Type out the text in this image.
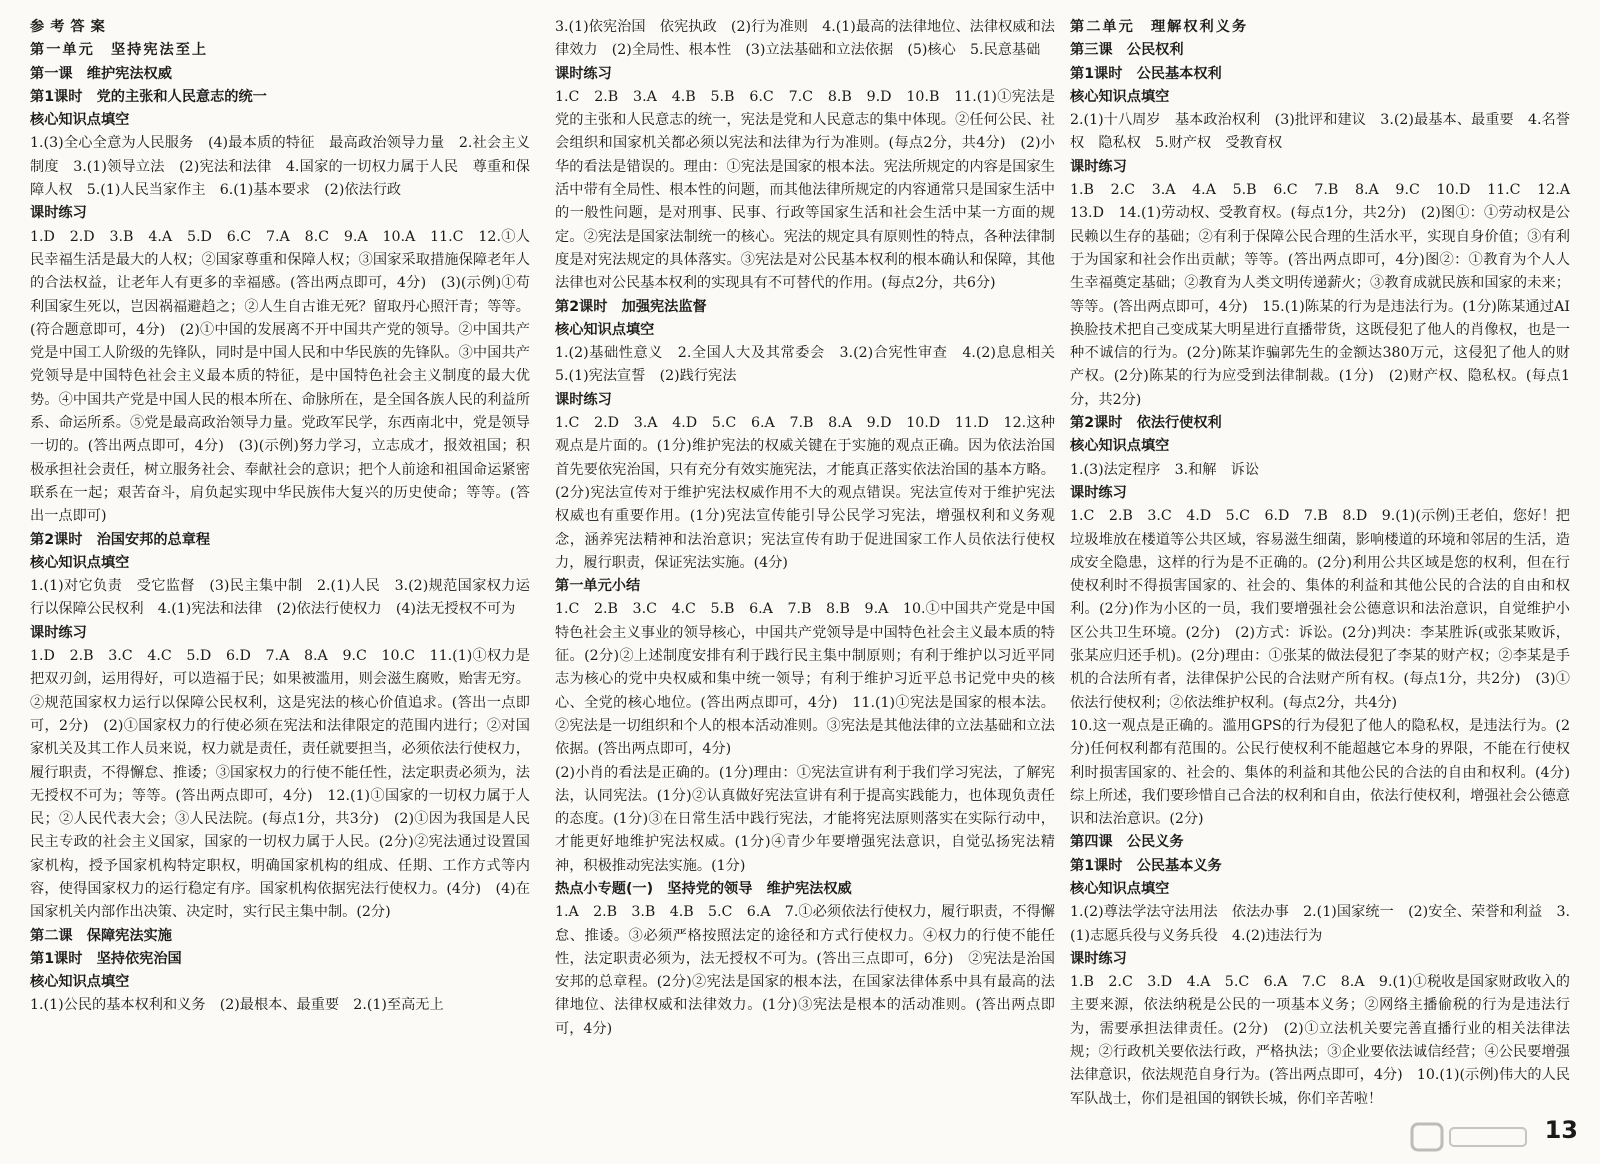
参考答案

第一单元　坚持宪法至上

第一课　维护宪法权威

第1课时　党的主张和人民意志的统一

核心知识点填空

1.(3)全心全意为人民服务　(4)最本质的特征　最高政治领导力量　2.社会主义制度　3.(1)领导立法　(2)宪法和法律　4.国家的一切权力属于人民　尊重和保障人权　5.(1)人民当家作主　6.(1)基本要求　(2)依法行政

课时练习

1.D　2.D　3.B　4.A　5.D　6.C　7.A　8.C　9.A　10.A　11.C　12.①人民幸福生活是最大的人权；②国家尊重和保障人权；③国家采取措施保障老年人的合法权益，让老年人有更多的幸福感。(答出两点即可，4分)　(3)(示例)①苟利国家生死以，岂因祸福避趋之；②人生自古谁无死？留取丹心照汗青；等等。(符合题意即可，4分)　(2)①中国的发展离不开中国共产党的领导。②中国共产党是中国工人阶级的先锋队，同时是中国人民和中华民族的先锋队。③中国共产党领导是中国特色社会主义最本质的特征，是中国特色社会主义制度的最大优势。④中国共产党是中国人民的根本所在、命脉所在，是全国各族人民的利益所系、命运所系。⑤党是最高政治领导力量。党政军民学，东西南北中，党是领导一切的。(答出两点即可，4分)　(3)(示例)努力学习，立志成才，报效祖国；积极承担社会责任，树立服务社会、奉献社会的意识；把个人前途和祖国命运紧密联系在一起；艰苦奋斗，肩负起实现中华民族伟大复兴的历史使命；等等。(答出一点即可)

第2课时　治国安邦的总章程

核心知识点填空

1.(1)对它负责　受它监督　(3)民主集中制　2.(1)人民　3.(2)规范国家权力运行以保障公民权利　4.(1)宪法和法律　(2)依法行使权力　(4)法无授权不可为

课时练习

1.D　2.B　3.C　4.C　5.D　6.D　7.A　8.A　9.C　10.C　11.(1)①权力是把双刃剑，运用得好，可以造福于民；如果被滥用，则会滋生腐败，贻害无穷。②规范国家权力运行以保障公民权利，这是宪法的核心价值追求。(答出一点即可，2分)　(2)①国家权力的行使必须在宪法和法律限定的范围内进行；②对国家机关及其工作人员来说，权力就是责任，责任就要担当，必须依法行使权力，履行职责，不得懈怠、推诿；③国家权力的行使不能任性，法定职责必须为，法无授权不可为；等等。(答出两点即可，4分)　12.(1)①国家的一切权力属于人民；②人民代表大会；③人民法院。(每点1分，共3分)　(2)①因为我国是人民民主专政的社会主义国家，国家的一切权力属于人民。(2分)②宪法通过设置国家机构，授予国家机构特定职权，明确国家机构的组成、任期、工作方式等内容，使得国家权力的运行稳定有序。国家机构依据宪法行使权力。(4分)　(4)在国家机关内部作出决策、决定时，实行民主集中制。(2分)

第二课　保障宪法实施

第1课时　坚持依宪治国

核心知识点填空

1.(1)公民的基本权利和义务　(2)最根本、最重要　2.(1)至高无上

3.(1)依宪治国　依宪执政　(2)行为准则　4.(1)最高的法律地位、法律权威和法律效力　(2)全局性、根本性　(3)立法基础和立法依据　(5)核心　5.民意基础

课时练习

1.C　2.B　3.A　4.B　5.B　6.C　7.C　8.B　9.D　10.B　11.(1)①宪法是党的主张和人民意志的统一，宪法是党和人民意志的集中体现。②任何公民、社会组织和国家机关都必须以宪法和法律为行为准则。(每点2分，共4分)　(2)小华的看法是错误的。理由：①宪法是国家的根本法。宪法所规定的内容是国家生活中带有全局性、根本性的问题，而其他法律所规定的内容通常只是国家生活中的一般性问题，是对刑事、民事、行政等国家生活和社会生活中某一方面的规定。②宪法是国家法制统一的核心。宪法的规定具有原则性的特点，各种法律制度是对宪法规定的具体落实。③宪法是对公民基本权利的根本确认和保障，其他法律也对公民基本权利的实现具有不可替代的作用。(每点2分，共6分)

第2课时　加强宪法监督

核心知识点填空

1.(2)基础性意义　2.全国人大及其常委会　3.(2)合宪性审查　4.(2)息息相关　5.(1)宪法宣誓　(2)践行宪法

课时练习

1.C　2.D　3.A　4.D　5.C　6.A　7.B　8.A　9.D　10.D　11.D　12.这种观点是片面的。(1分)维护宪法的权威关键在于实施的观点正确。因为依法治国首先要依宪治国，只有充分有效实施宪法，才能真正落实依法治国的基本方略。(2分)宪法宣传对于维护宪法权威作用不大的观点错误。宪法宣传对于维护宪法权威也有重要作用。(1分)宪法宣传能引导公民学习宪法，增强权利和义务观念，涵养宪法精神和法治意识；宪法宣传有助于促进国家工作人员依法行使权力，履行职责，保证宪法实施。(4分)

第一单元小结

1.C　2.B　3.C　4.C　5.B　6.A　7.B　8.B　9.A　10.①中国共产党是中国特色社会主义事业的领导核心，中国共产党领导是中国特色社会主义最本质的特征。(2分)②上述制度安排有利于践行民主集中制原则；有利于维护以习近平同志为核心的党中央权威和集中统一领导；有利于维护习近平总书记党中央的核心、全党的核心地位。(答出两点即可，4分)　11.(1)①宪法是国家的根本法。②宪法是一切组织和个人的根本活动准则。③宪法是其他法律的立法基础和立法依据。(答出两点即可，4分)

(2)小肖的看法是正确的。(1分)理由：①宪法宣讲有利于我们学习宪法，了解宪法，认同宪法。(1分)②认真做好宪法宣讲有利于提高实践能力，也体现负责任的态度。(1分)③在日常生活中践行宪法，才能将宪法原则落实在实际行动中，才能更好地维护宪法权威。(1分)④青少年要增强宪法意识，自觉弘扬宪法精神，积极推动宪法实施。(1分)

热点小专题(一)　坚持党的领导　维护宪法权威

1.A　2.B　3.B　4.B　5.C　6.A　7.①必须依法行使权力，履行职责，不得懈怠、推诿。③必须严格按照法定的途径和方式行使权力。④权力的行使不能任性，法定职责必须为，法无授权不可为。(答出三点即可，6分)　②宪法是治国安邦的总章程。(2分)②宪法是国家的根本法，在国家法律体系中具有最高的法律地位、法律权威和法律效力。(1分)③宪法是根本的活动准则。(答出两点即可，4分)

第二单元　理解权利义务

第三课　公民权利

第1课时　公民基本权利

核心知识点填空

2.(1)十八周岁　基本政治权利　(3)批评和建议　3.(2)最基本、最重要　4.名誉权　隐私权　5.财产权　受教育权

课时练习

1.B　2.C　3.A　4.A　5.B　6.C　7.B　8.A　9.C　10.D　11.C　12.A　13.D　14.(1)劳动权、受教育权。(每点1分，共2分)　(2)图①：①劳动权是公民赖以生存的基础；②有利于保障公民合理的生活水平，实现自身价值；③有利于为国家和社会作出贡献；等等。(答出两点即可，4分)图②：①教育为个人人生幸福奠定基础；②教育为人类文明传递薪火；③教育成就民族和国家的未来；等等。(答出两点即可，4分)　15.(1)陈某的行为是违法行为。(1分)陈某通过AI换脸技术把自己变成某大明星进行直播带货，这既侵犯了他人的肖像权，也是一种不诚信的行为。(2分)陈某诈骗郭先生的金额达380万元，这侵犯了他人的财产权。(2分)陈某的行为应受到法律制裁。(1分)　(2)财产权、隐私权。(每点1分，共2分)

第2课时　依法行使权利

核心知识点填空

1.(3)法定程序　3.和解　诉讼

课时练习

1.C　2.B　3.C　4.D　5.C　6.D　7.B　8.D　9.(1)(示例)王老伯，您好！把垃圾堆放在楼道等公共区域，容易滋生细菌，影响楼道的环境和邻居的生活，造成安全隐患，这样的行为是不正确的。(2分)利用公共区域是您的权利，但在行使权利时不得损害国家的、社会的、集体的利益和其他公民的合法的自由和权利。(2分)作为小区的一员，我们要增强社会公德意识和法治意识，自觉维护小区公共卫生环境。(2分)　(2)方式：诉讼。(2分)判决：李某胜诉(或张某败诉，张某应归还手机)。(2分)理由：①张某的做法侵犯了李某的财产权；②李某是手机的合法所有者，法律保护公民的合法财产所有权。(每点1分，共2分)　(3)①依法行使权利；②依法维护权利。(每点2分，共4分)

10.这一观点是正确的。滥用GPS的行为侵犯了他人的隐私权，是违法行为。(2分)任何权利都有范围的。公民行使权利不能超越它本身的界限，不能在行使权利时损害国家的、社会的、集体的利益和其他公民的合法的自由和权利。(4分)综上所述，我们要珍惜自己合法的权利和自由，依法行使权利，增强社会公德意识和法治意识。(2分)

第四课　公民义务

第1课时　公民基本义务

核心知识点填空

1.(2)尊法学法守法用法　依法办事　2.(1)国家统一　(2)安全、荣誉和利益　3.(1)志愿兵役与义务兵役　4.(2)违法行为

课时练习

1.B　2.C　3.D　4.A　5.C　6.A　7.C　8.A　9.(1)①税收是国家财政收入的主要来源，依法纳税是公民的一项基本义务；②网络主播偷税的行为是违法行为，需要承担法律责任。(2分)　(2)①立法机关要完善直播行业的相关法律法规；②行政机关要依法行政，严格执法；③企业要依法诚信经营；④公民要增强法律意识，依法规范自身行为。(答出两点即可，4分)　10.(1)(示例)伟大的人民军队战士，你们是祖国的钢铁长城，你们辛苦啦！

13
